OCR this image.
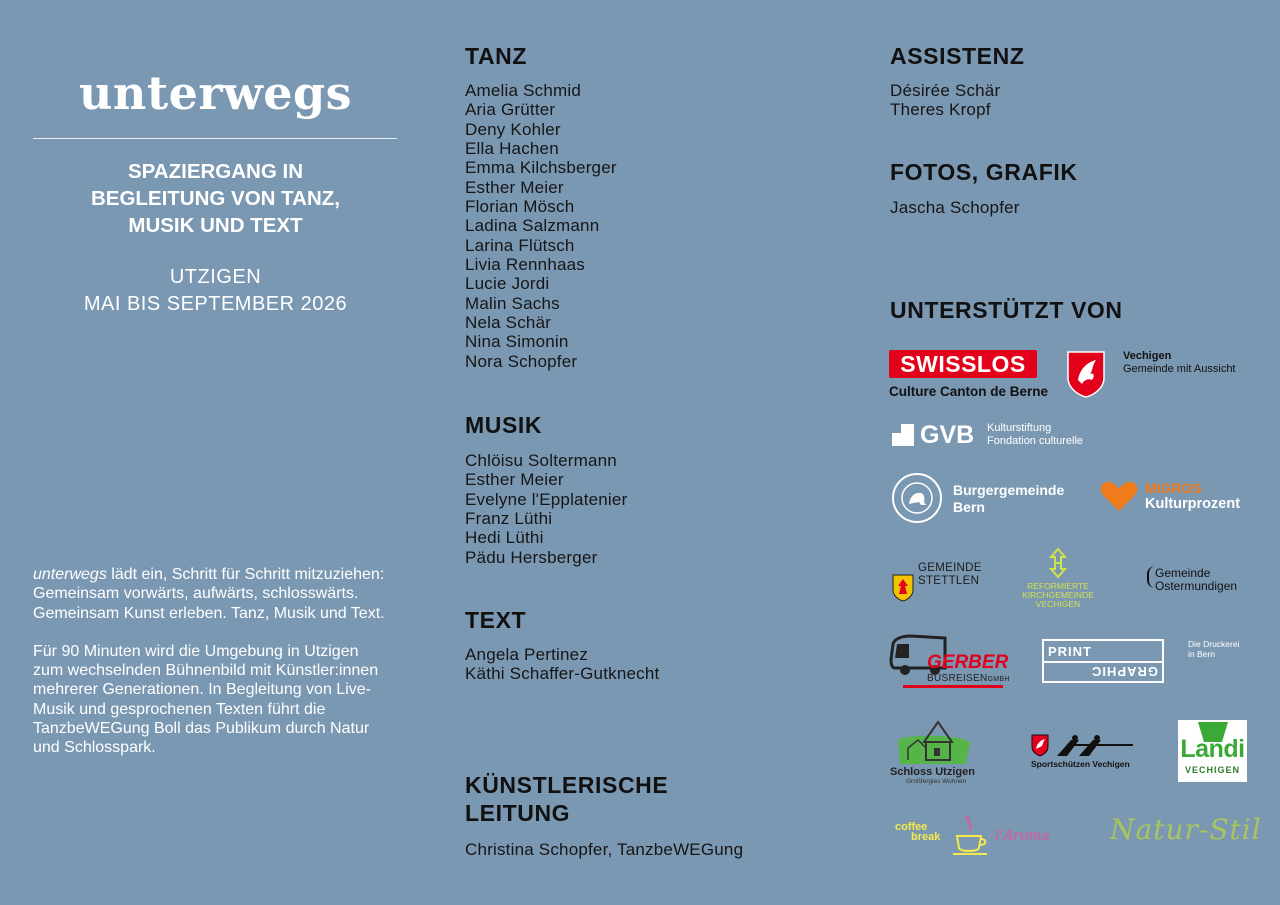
unterwegs
SPAZIERGANG IN
BEGLEITUNG VON TANZ,
MUSIK UND TEXT
UTZIGEN
MAI BIS SEPTEMBER 2026

unterwegs lädt ein, Schritt für Schritt mitzuziehen: Gemeinsam vorwärts, aufwärts, schlosswärts. Gemeinsam Kunst erleben. Tanz, Musik und Text.

Für 90 Minuten wird die Umgebung in Utzigen zum wechselnden Bühnenbild mit Künstler:innen mehrerer Generationen. In Begleitung von Live-Musik und gesprochenen Texten führt die TanzbeWEGung Boll das Publikum durch Natur und Schlosspark.

TANZ
Amelia Schmid
Aria Grütter
Deny Kohler
Ella Hachen
Emma Kilchsberger
Esther Meier
Florian Mösch
Ladina Salzmann
Larina Flütsch
Livia Rennhaas
Lucie Jordi
Malin Sachs
Nela Schär
Nina Simonin
Nora Schopfer
MUSIK
Chlöisu Soltermann
Esther Meier
Evelyne l'Epplatenier
Franz Lüthi
Hedi Lüthi
Pädu Hersberger
TEXT
Angela Pertinez
Käthi Schaffer-Gutknecht
KÜNSTLERISCHE
LEITUNG
Christina Schopfer, TanzbeWEGung
ASSISTENZ
Désirée Schär
Theres Kropf
FOTOS, GRAFIK
Jascha Schopfer
UNTERSTÜTZT VON
SWISSLOS
Culture Canton de Berne
Vechigen
Gemeinde mit Aussicht
GVB Kulturstiftung
Fondation culturelle
Burgergemeinde
Bern
MIGROS
Kulturprozent
GEMEINDE
STETTLEN	REFORMIERTE
KIRCHGEMEINDE
VECHIGEN
Gemeinde
Ostermundigen
GERBER
BUSREISENGMBH
PRINT
GRAPHIC
Die Druckerei
in Bern
Schloss Utzigen
Großfergies Wohnen
Sportschützen Vechigen
Landi
VECHIGEN
coffee
break	l'Aroma Natur-Stil
